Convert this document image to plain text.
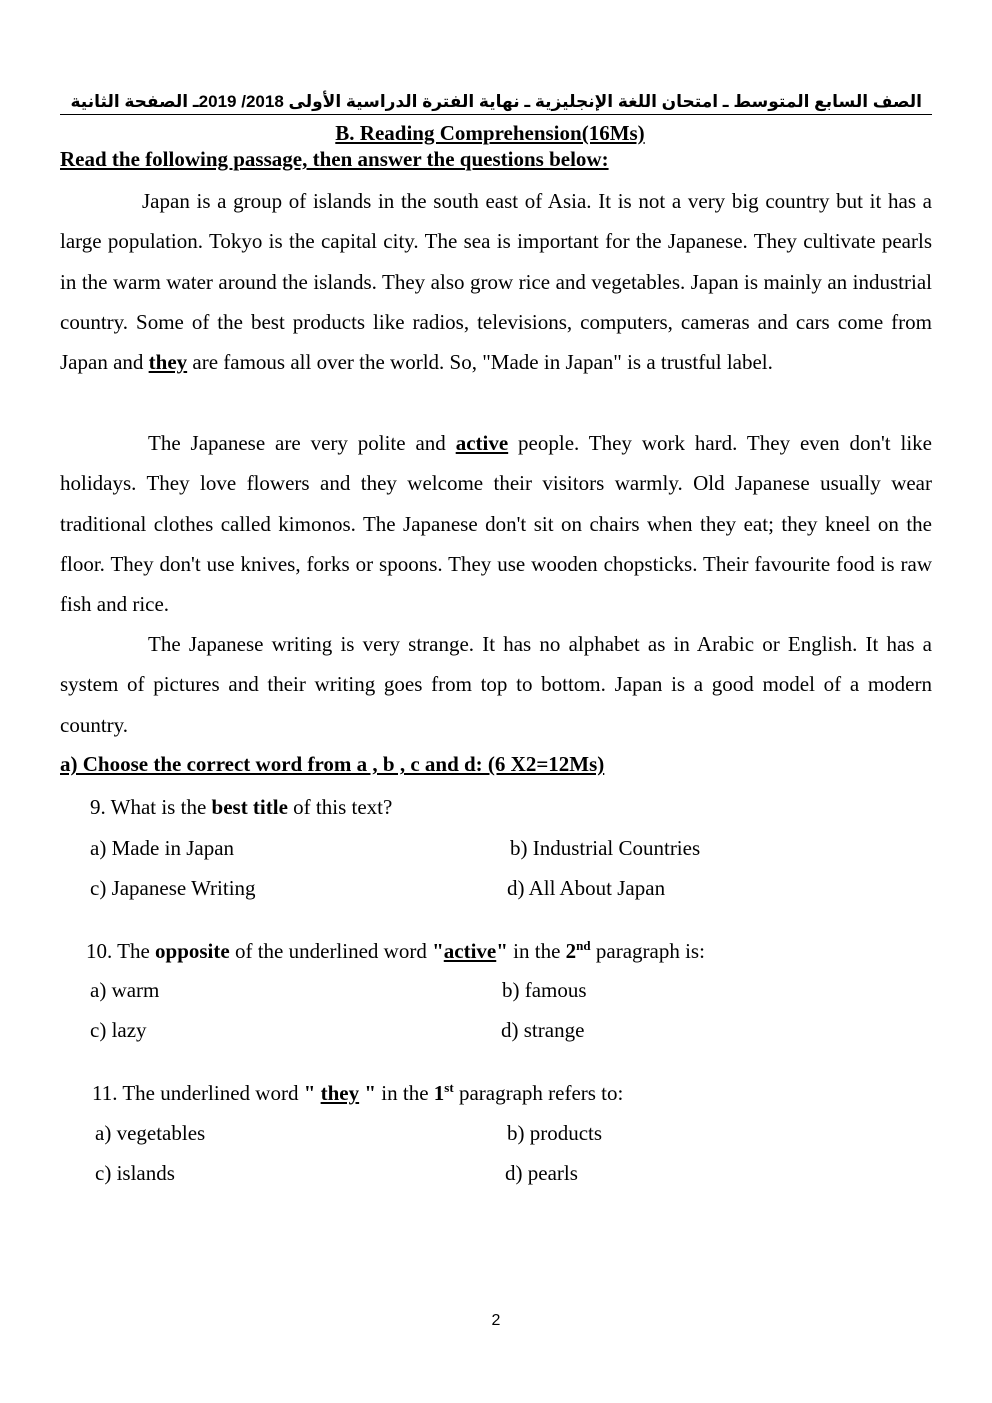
الصف السابع المتوسط ـ امتحان اللغة الإنجليزية ـ نهاية الفترة الدراسية الأولى 2018/ 2019ـ الصفحة الثانية
B. Reading Comprehension(16Ms)
Read the following passage, then answer the questions below:
Japan is a group of islands in the south east of Asia. It is not a very big country but it has a large population. Tokyo is the capital city. The sea is important for the Japanese. They cultivate pearls in the warm water around the islands. They also grow rice and vegetables. Japan is mainly an industrial country. Some of the best products like radios, televisions, computers, cameras and cars come from Japan and they are famous all over the world. So, "Made in Japan" is a trustful label.
The Japanese are very polite and active people. They work hard. They even don't like holidays. They love flowers and they welcome their visitors warmly. Old Japanese usually wear traditional clothes called kimonos. The Japanese don't sit on chairs when they eat; they kneel on the floor. They don't use knives, forks or spoons. They use wooden chopsticks. Their favourite food is raw fish and rice.
The Japanese writing is very strange. It has no alphabet as in Arabic or English. It has a system of pictures and their writing goes from top to bottom. Japan is a good model of a modern country.
a) Choose the correct word from a , b , c and d: (6 X2=12Ms)
9. What is the best title of this text?
a) Made in Japan	b) Industrial Countries
c) Japanese Writing	d) All About Japan
10. The opposite of the underlined word "active" in the 2nd paragraph is:
a) warm	b) famous
c) lazy	d) strange
11. The underlined word " they " in the 1st paragraph refers to:
a) vegetables	b) products
c) islands	d) pearls
2
